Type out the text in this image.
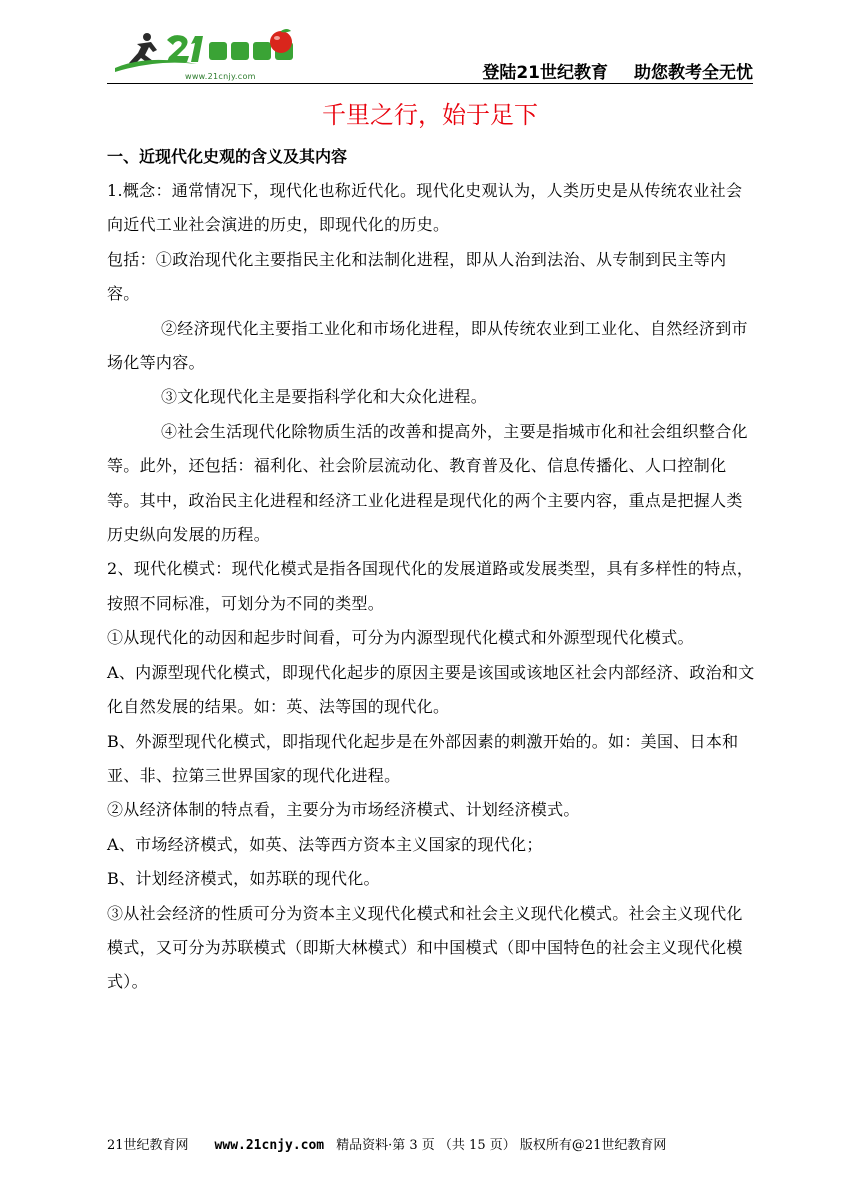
www.21cnjy.com	登陆21世纪教育 助您教考全无忧
千里之行，始于足下

一、近现代化史观的含义及其内容

1.概念：通常情况下，现代化也称近代化。现代化史观认为，人类历史是从传统农业社会向近代工业社会演进的历史，即现代化的历史。

包括：①政治现代化主要指民主化和法制化进程，即从人治到法治、从专制到民主等内容。

②经济现代化主要指工业化和市场化进程，即从传统农业到工业化、自然经济到市场化等内容。

③文化现代化主是要指科学化和大众化进程。

④社会生活现代化除物质生活的改善和提高外，主要是指城市化和社会组织整合化等。此外，还包括：福利化、社会阶层流动化、教育普及化、信息传播化、人口控制化等。其中，政治民主化进程和经济工业化进程是现代化的两个主要内容，重点是把握人类历史纵向发展的历程。

2、现代化模式：现代化模式是指各国现代化的发展道路或发展类型，具有多样性的特点，按照不同标准，可划分为不同的类型。

①从现代化的动因和起步时间看，可分为内源型现代化模式和外源型现代化模式。

A、内源型现代化模式，即现代化起步的原因主要是该国或该地区社会内部经济、政治和文化自然发展的结果。如：英、法等国的现代化。

B、外源型现代化模式，即指现代化起步是在外部因素的刺激开始的。如：美国、日本和亚、非、拉第三世界国家的现代化进程。

②从经济体制的特点看，主要分为市场经济模式、计划经济模式。

A、市场经济模式，如英、法等西方资本主义国家的现代化；

B、计划经济模式，如苏联的现代化。

③从社会经济的性质可分为资本主义现代化模式和社会主义现代化模式。社会主义现代化模式，又可分为苏联模式（即斯大林模式）和中国模式（即中国特色的社会主义现代化模式）。

21世纪教育网 www.21cnjy.com 精品资料·第 3 页 （共 15 页） 版权所有@21世纪教育网
